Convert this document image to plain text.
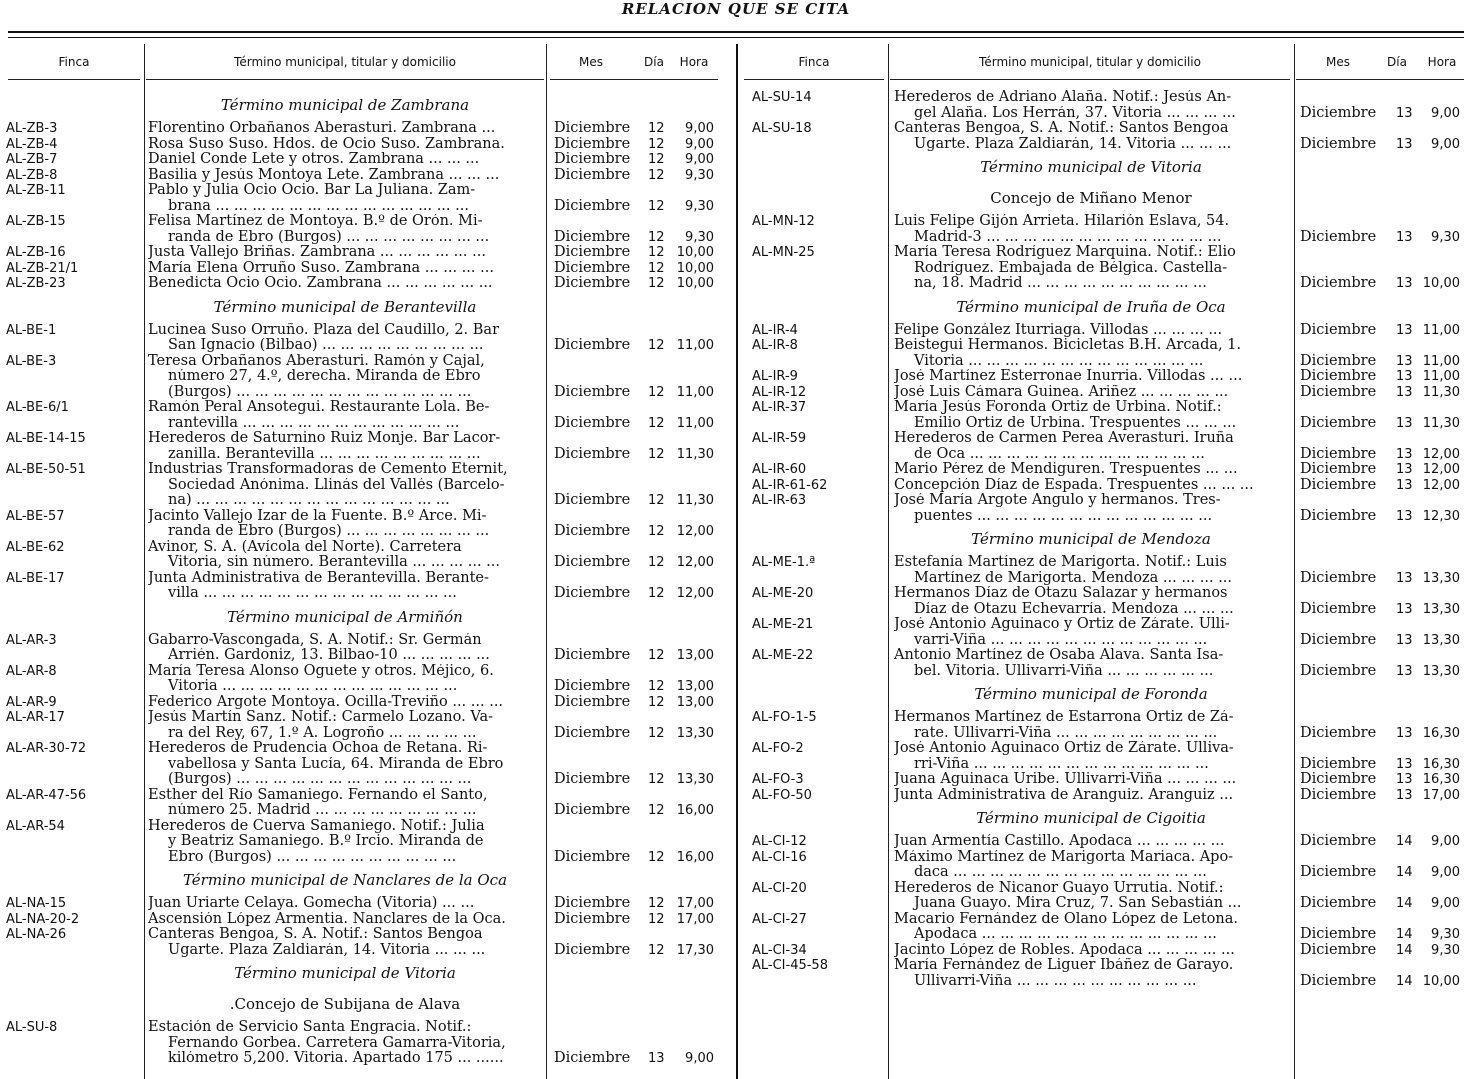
RELACION QUE SE CITA
Finca	Término municipal, titular y domicilio	Mes	Día	Hora
Término municipal de Zambrana
AL-ZB-3	Florentino Orbañanos Aberasturi. Zambrana ...	Diciembre 12	9,00
AL-ZB-4	Rosa Suso Suso. Hdos. de Ocio Suso. Zambrana.	Diciembre 12	9,00
AL-ZB-7	Daniel Conde Lete y otros. Zambrana ... ... ...	Diciembre 12	9,00
AL-ZB-8	Basilia y Jesús Montoya Lete. Zambrana ... ... ...	Diciembre 12	9,30
AL-ZB-11	Pablo y Julia Ocio Ocio. Bar La Juliana. Zam-
brana ... ... ... ... ... ... ... ... ... ... ... ... ... ...	Diciembre 12	9,30
AL-ZB-15	Felisa Martínez de Montoya. B.º de Orón. Mi-
randa de Ebro (Burgos) ... ... ... ... ... ... ... ...	Diciembre 12	9,30
AL-ZB-16	Justa Vallejo Briñas. Zambrana ... ... ... ... ... ...	Diciembre 12 10,00
AL-ZB-21/1	María Elena Orruño Suso. Zambrana ... ... ... ...	Diciembre 12 10,00
AL-ZB-23	Benedicta Ocio Ocio. Zambrana ... ... ... ... ... ...	Diciembre 12 10,00
Término municipal de Berantevilla
AL-BE-1	Lucinea Suso Orruño. Plaza del Caudillo, 2. Bar
San Ignacio (Bilbao) ... ... ... ... ... ... ... ... ...	Diciembre 12 11,00
AL-BE-3	Teresa Orbañanos Aberasturi. Ramón y Cajal,
número 27, 4.º, derecha. Miranda de Ebro
(Burgos) ... ... ... ... ... ... ... ... ... ... ... ... ...	Diciembre 12 11,00
AL-BE-6/1	Ramón Peral Ansotegui. Restaurante Lola. Be-
rantevilla ... ... ... ... ... ... ... ... ... ... ... ...	Diciembre 12 11,00
AL-BE-14-15	Herederos de Saturnino Ruiz Monje. Bar Lacor-
zanilla. Berantevilla ... ... ... ... ... ... ... ... ...	Diciembre 12 11,30
AL-BE-50-51	Industrias Transformadoras de Cemento Eternit,
Sociedad Anónima. Llinás del Vallés (Barcelo-
na) ... ... ... ... ... ... ... ... ... ... ... ... ... ...	Diciembre 12 11,30
AL-BE-57	Jacinto Vallejo Izar de la Fuente. B.º Arce. Mi-
randa de Ebro (Burgos) ... ... ... ... ... ... ... ...	Diciembre 12 12,00
AL-BE-62	Avinor, S. A. (Avícola del Norte). Carretera
Vitoria, sin número. Berantevilla ... ... ... ... ...	Diciembre 12 12,00
AL-BE-17	Junta Administrativa de Berantevilla. Berante-
villa ... ... ... ... ... ... ... ... ... ... ... ... ... ...	Diciembre 12 12,00
Término municipal de Armiñón
AL-AR-3	Gabarro-Vascongada, S. A. Notif.: Sr. Germán
Arrién. Gardoniz, 13. Bilbao-10 ... ... ... ... ...	Diciembre 12 13,00
AL-AR-8	María Teresa Alonso Oguete y otros. Méjico, 6.
Vitoria ... ... ... ... ... ... ... ... ... ... ... ... ...	Diciembre 12 13,00
AL-AR-9	Federico Argote Montoya. Ocilla-Treviño ... ... ...	Diciembre 12 13,00
AL-AR-17	Jesús Martín Sanz. Notif.: Carmelo Lozano. Va-
ra del Rey, 67, 1.º A. Logroño ... ... ... ... ...	Diciembre 12 13,30
AL-AR-30-72	Herederos de Prudencia Ochoa de Retana. Ri-
vabellosa y Santa Lucía, 64. Miranda de Ebro
(Burgos) ... ... ... ... ... ... ... ... ... ... ... ... ...	Diciembre 12 13,30
AL-AR-47-56	Esther del Río Samaniego. Fernando el Santo,
número 25. Madrid ... ... ... ... ... ... ... ... ...	Diciembre 12 16,00
AL-AR-54	Herederos de Cuerva Samaniego. Notif.: Julia
y Beatriz Samaniego. B.º Ircio. Miranda de
Ebro (Burgos) ... ... ... ... ... ... ... ... ... ...	Diciembre 12 16,00
Término municipal de Nanclares de la Oca
AL-NA-15	Juan Uriarte Celaya. Gomecha (Vitoria) ... ...	Diciembre 12 17,00
AL-NA-20-2	Ascensión López Armentia. Nanclares de la Oca.	Diciembre 12 17,00
AL-NA-26	Canteras Bengoa, S. A. Notif.: Santos Bengoa
Ugarte. Plaza Zaldiarán, 14. Vitoria ... ... ...	Diciembre 12 17,30
Término municipal de Vitoria
.Concejo de Subijana de Alava
AL-SU-8	Estación de Servicio Santa Engracia. Notif.:
Fernando Gorbea. Carretera Gamarra-Vitoria,
kilómetro 5,200. Vitoria. Apartado 175 ... ......	Diciembre 13	9,00
Finca	Término municipal, titular y domicilio	Mes	Día	Hora
AL-SU-14	Herederos de Adriano Alaña. Notif.: Jesús An-
gel Alaña. Los Herrán, 37. Vitoria ... ... ... ...	Diciembre 13	9,00
AL-SU-18	Canteras Bengoa, S. A. Notif.: Santos Bengoa
Ugarte. Plaza Zaldiarán, 14. Vitoria ... ... ...	Diciembre 13	9,00
Término municipal de Vitoria
Concejo de Miñano Menor
AL-MN-12	Luis Felipe Gijón Arrieta. Hilarión Eslava, 54.
Madrid-3 ... ... ... ... ... ... ... ... ... ... ... ... ...	Diciembre 13	9,30
AL-MN-25	María Teresa Rodríguez Marquina. Notif.: Elio
Rodríguez. Embajada de Bélgica. Castella-
na, 18. Madrid ... ... ... ... ... ... ... ... ... ...	Diciembre 13 10,00
Término municipal de Iruña de Oca
AL-IR-4	Felipe González Iturriaga. Villodas ... ... ... ...	Diciembre 13 11,00
AL-IR-8	Beistegui Hermanos. Bicicletas B.H. Arcada, 1.
Vitoria ... ... ... ... ... ... ... ... ... ... ... ... ...	Diciembre 13 11,00
AL-IR-9	José Martínez Esterronae Inurria. Villodas ... ...	Diciembre 13 11,00
AL-IR-12	José Luis Cámara Guinea. Ariñez ... ... ... ... ...	Diciembre 13 11,30
AL-IR-37	María Jesús Foronda Ortiz de Urbina. Notif.:
Emilio Ortiz de Urbina. Trespuentes ... ... ...	Diciembre 13 11,30
AL-IR-59	Herederos de Carmen Perea Averasturi. Iruña
de Oca ... ... ... ... ... ... ... ... ... ... ... ... ...	Diciembre 13 12,00
AL-IR-60	Mario Pérez de Mendiguren. Trespuentes ... ...	Diciembre 13 12,00
AL-IR-61-62	Concepción Díaz de Espada. Trespuentes ... ... ...	Diciembre 13 12,00
AL-IR-63	José María Argote Angulo y hermanos. Tres-
puentes ... ... ... ... ... ... ... ... ... ... ... ... ...	Diciembre 13 12,30
Término municipal de Mendoza
AL-ME-1.ª	Estefanía Martínez de Marigorta. Notif.: Luis
Martínez de Marigorta. Mendoza ... ... ... ...	Diciembre 13 13,30
AL-ME-20	Hermanos Díaz de Otazu Salazar y hermanos
Díaz de Otazu Echevarría. Mendoza ... ... ...	Diciembre 13 13,30
AL-ME-21	José Antonio Aguinaco y Ortiz de Zárate. Ulli-
varri-Viña ... ... ... ... ... ... ... ... ... ... ... ...	Diciembre 13 13,30
AL-ME-22	Antonio Martínez de Osaba Alava. Santa Isa-
bel. Vitoria. Ullivarri-Viña ... ... ... ... ... ...	Diciembre 13 13,30
Término municipal de Foronda
AL-FO-1-5	Hermanos Martínez de Estarrona Ortiz de Zá-
rate. Ullivarri-Viña ... ... ... ... ... ... ... ... ...	Diciembre 13 16,30
AL-FO-2	José Antonio Aguinaco Ortiz de Zárate. Ulliva-
rri-Viña ... ... ... ... ... ... ... ... ... ... ... ... ...	Diciembre 13 16,30
AL-FO-3	Juana Aguinaca Uribe. Ullivarri-Viña ... ... ... ...	Diciembre 13 16,30
AL-FO-50	Junta Administrativa de Aranguiz. Aranguiz ...	Diciembre 13 17,00
Término municipal de Cigoitia
AL-CI-12	Juan Armentía Castillo. Apodaca ... ... ... ... ...	Diciembre 14	9,00
AL-CI-16	Máximo Martínez de Marigorta Mariaca. Apo-
daca ... ... ... ... ... ... ... ... ... ... ... ... ... ...	Diciembre 14	9,00
AL-CI-20	Herederos de Nicanor Guayo Urrutia. Notif.:
Juana Guayo. Mira Cruz, 7. San Sebastián ...	Diciembre 14	9,00
AL-CI-27	Macario Fernández de Olano López de Letona.
Apodaca ... ... ... ... ... ... ... ... ... ... ... ... ...	Diciembre 14	9,30
AL-CI-34	Jacinto López de Robles. Apodaca ... ... ... ... ...	Diciembre 14	9,30
AL-CI-45-58	María Fernández de Liguer Ibáñez de Garayo.
Ullivarri-Viña ... ... ... ... ... ... ... ... ... ...	Diciembre 14 10,00
